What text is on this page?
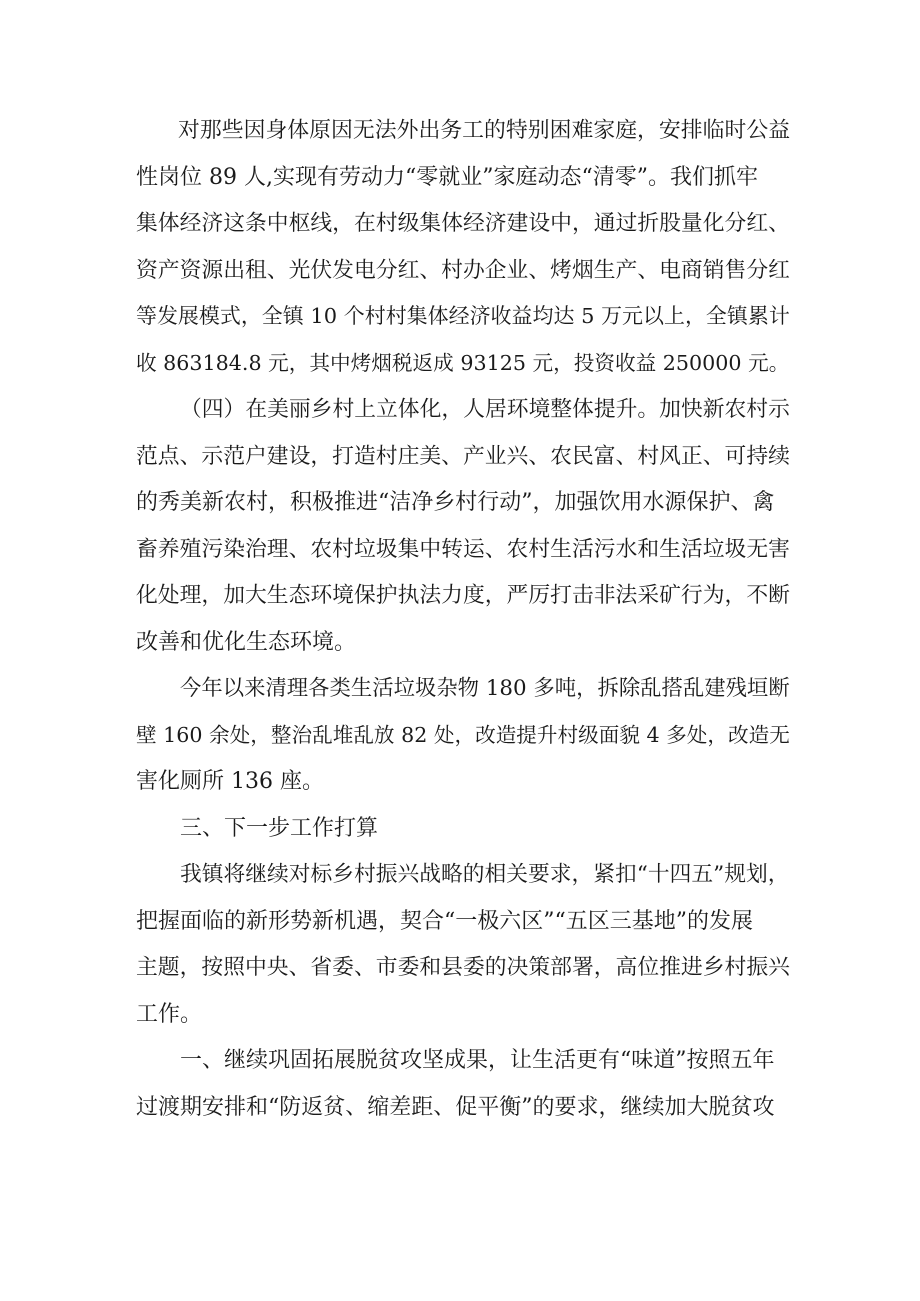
对那些因身体原因无法外出务工的特别困难家庭，安排临时公益
性岗位 89 人,实现有劳动力“零就业”家庭动态“清零”。我们抓牢
集体经济这条中枢线，在村级集体经济建设中，通过折股量化分红、
资产资源出租、光伏发电分红、村办企业、烤烟生产、电商销售分红
等发展模式，全镇 10 个村村集体经济收益均达 5 万元以上，全镇累计
收 863184.8 元，其中烤烟税返成 93125 元，投资收益 250000 元。
（四）在美丽乡村上立体化，人居环境整体提升。加快新农村示
范点、示范户建设，打造村庄美、产业兴、农民富、村风正、可持续
的秀美新农村，积极推进“洁净乡村行动”，加强饮用水源保护、禽
畜养殖污染治理、农村垃圾集中转运、农村生活污水和生活垃圾无害
化处理，加大生态环境保护执法力度，严厉打击非法采矿行为，不断
改善和优化生态环境。
今年以来清理各类生活垃圾杂物 180 多吨，拆除乱搭乱建残垣断
壁 160 余处，整治乱堆乱放 82 处，改造提升村级面貌 4 多处，改造无
害化厕所 136 座。
三、下一步工作打算
我镇将继续对标乡村振兴战略的相关要求，紧扣“十四五”规划，
把握面临的新形势新机遇，契合“一极六区”“五区三基地”的发展
主题，按照中央、省委、市委和县委的决策部署，高位推进乡村振兴
工作。
一、继续巩固拓展脱贫攻坚成果，让生活更有“味道”按照五年
过渡期安排和“防返贫、缩差距、促平衡”的要求，继续加大脱贫攻
